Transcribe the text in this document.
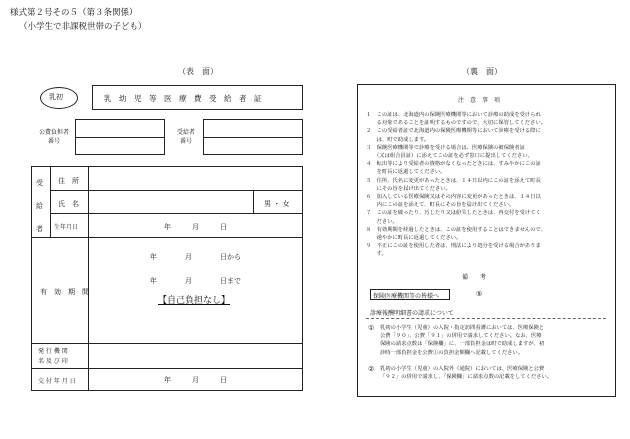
様式第２号その５（第３条関係）
（小学生で非課税世帯の子ども）
（表　面）
乳初	乳　幼　児　等　医　療　費　受　給　者　証
公費負担者
番号
受給者
番号
受
給
者
住　所
氏　名	男 ・ 女
生年月日	年　　　月　　　日
有　効　期　間
年　　　　月　　　　日から
年　　　　月　　　　日まで
【自己負担なし】
発 行 機 関
名 及 び 印
交 付 年 月 日	年　　　月　　　日
（裏　面）
注　意　事　項
１　この証は、北海道内の保険医療機関等において診療の助成を受けられ
　　る対象であることを証明するものですので、大切に保管してください。
２　この受給者証で北海道内の保険医療機関等において診療を受ける際に
　　は、町で助成します。
３　保険医療機関等で診療を受ける場合は、医療保険の被保険者証
　　（又は組合員証）に添えてこの証を必ず窓口に提出してください。
４　転出等により受給者の資格がなくなったときには、すみやかにこの証
　　を町長に返還してください。
５　住所、氏名に変更があったときは、１４日以内にこの証を添えて町長
　　にその旨を届け出てください。
６　加入している医療保険又はその内容に変更があったときは、１４日以
　　内にこの証を添えて、町長にその旨を届け出てください。
７　この証を破ったり、汚したり又は紛失したときは、再交付を受けてく
　　ださい。
８　有効期間を経過したときは、この証を使用することはできませんので、
　　速やかに町長に返還してください。
９　不正にこの証を使用した者は、刑法により処分を受ける場合がありま
　　す。
備　　考
保険医療機関等の皆様へ	⑤
診療報酬明細書の請求について
① 乳初の小学生（児童）の入院・指定訪問看護においては、医療保険と
公費「９０」、公費「９１」の併用で請求してください。なお、医療
保険の請求点数は「保険欄」に、一部負担金は町で助成しますが、初
診時一部負担金を公費①の負担金額欄へ記載してください。
② 乳初の小学生（児童）の入院外（通院）においては、医療保険と公費
「９２」の併用で請求し、「保険欄」に請求点数の記載をしてください。
